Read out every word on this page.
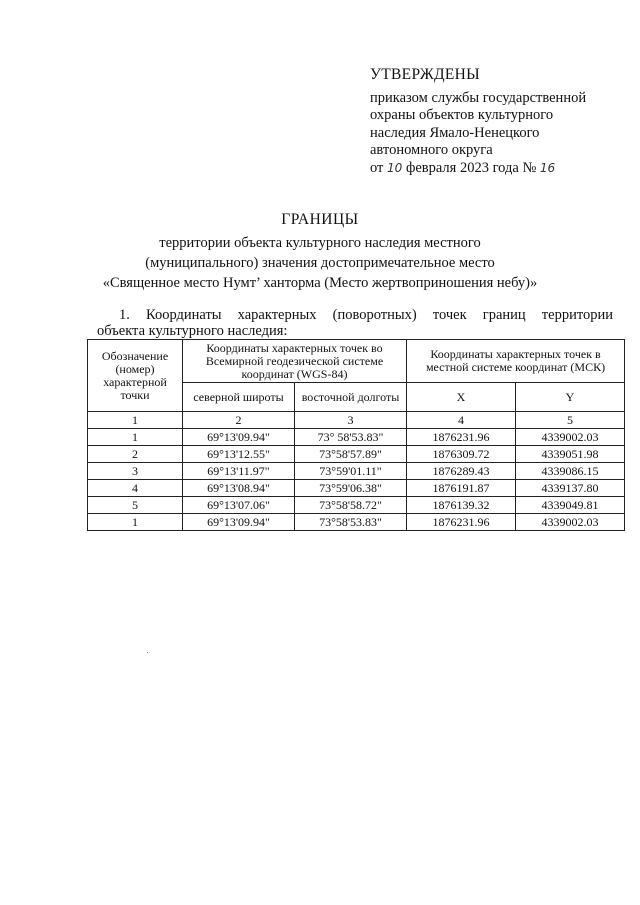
УТВЕРЖДЕНЫ
приказом службы государственной
охраны объектов культурного
наследия Ямало-Ненецкого
автономного округа
от 10 февраля 2023 года № 16
ГРАНИЦЫ
территории объекта культурного наследия местного
(муниципального) значения достопримечательное место
«Священное место Нумт’ ханторма (Место жертвоприношения небу)»
1. Координаты характерных (поворотных) точек границ территории
объекта культурного наследия:
Обозначение (номер) характерной точки	Координаты характерных точек во Всемирной геодезической системе координат (WGS-84)		Координаты характерных точек в местной системе координат (МСК)	
	северной широты	восточной долготы	X	Y
1	2	3	4	5
1	69°13'09.94"	73° 58'53.83"	1876231.96	4339002.03
2	69°13'12.55"	73°58'57.89"	1876309.72	4339051.98
3	69°13'11.97"	73°59'01.11"	1876289.43	4339086.15
4	69°13'08.94"	73°59'06.38"	1876191.87	4339137.80
5	69°13'07.06"	73°58'58.72"	1876139.32	4339049.81
1	69°13'09.94"	73°58'53.83"	1876231.96	4339002.03
